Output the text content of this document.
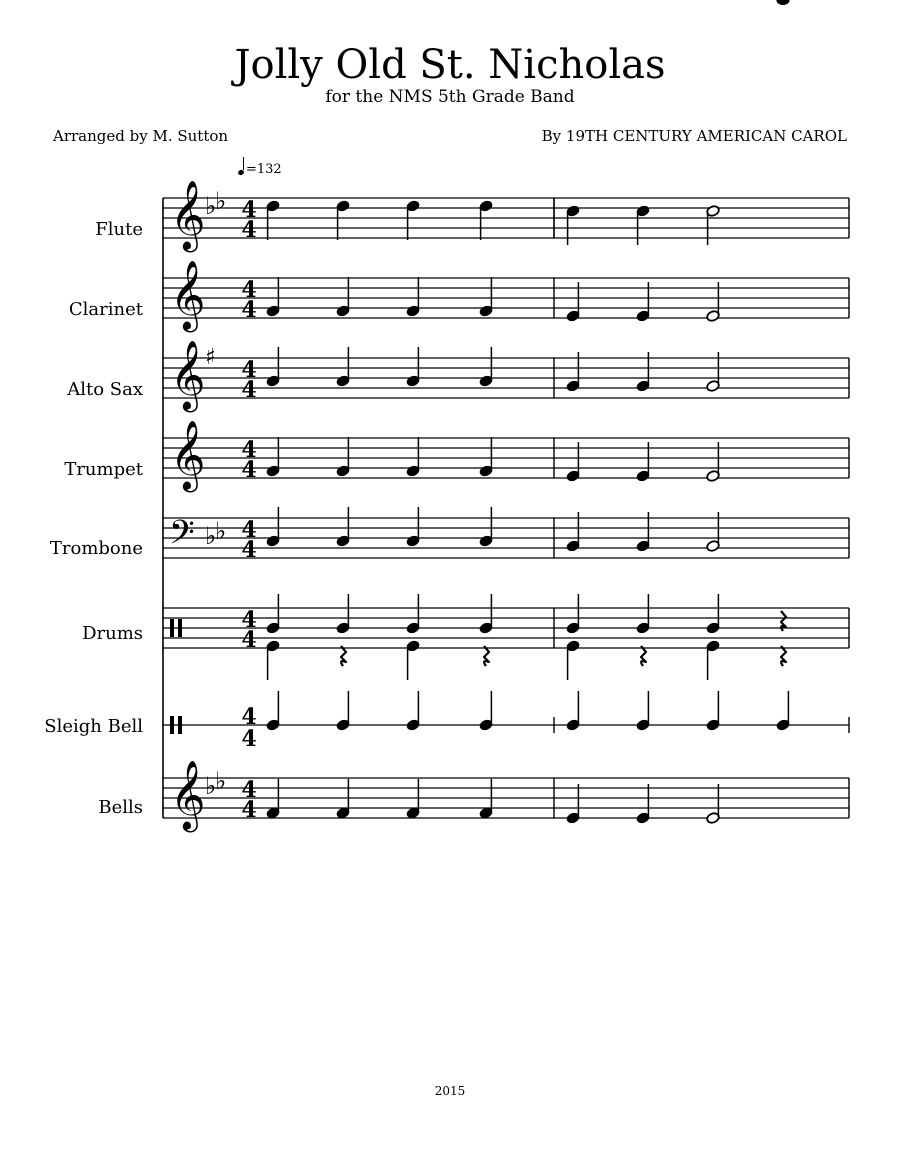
Jolly Old St. Nicholas
for the NMS 5th Grade Band
Arranged by M. Sutton	By 19TH CENTURY AMERICAN CAROL
=132
Flute
Clarinet
Alto Sax
Trumpet
Trombone
Drums
Sleigh Bell
Bells
𝄞 ♭
♭ 4
4
𝄞 4
4
𝄞 ♯ 4
4
𝄞 4
4
𝄢 ♭
♭ 4
4
𝄞 ♭
♭ 4
4
4
4
4
4
2015
